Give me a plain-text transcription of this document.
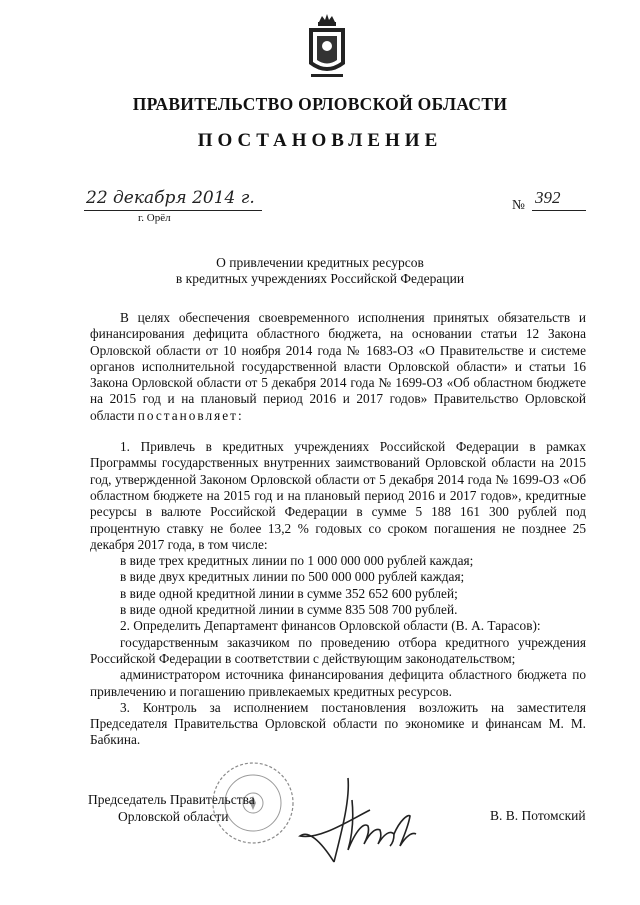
ПРАВИТЕЛЬСТВО ОРЛОВСКОЙ ОБЛАСТИ
ПОСТАНОВЛЕНИЕ
22 декабря 2014 г.	№ 392
г. Орёл
О привлечении кредитных ресурсов
в кредитных учреждениях Российской Федерации

В целях обеспечения своевременного исполнения принятых обязательств и финансирования дефицита областного бюджета, на основании статьи 12 Закона Орловской области от 10 ноября 2014 года № 1683-ОЗ «О Правительстве и системе органов исполнительной государственной власти Орловской области» и статьи 16 Закона Орловской области от 5 декабря 2014 года № 1699-ОЗ «Об областном бюджете на 2015 год и на плановый период 2016 и 2017 годов» Правительство Орловской области постановляет:

1. Привлечь в кредитных учреждениях Российской Федерации в рамках Программы государственных внутренних заимствований Орловской области на 2015 год, утвержденной Законом Орловской области от 5 декабря 2014 года № 1699-ОЗ «Об областном бюджете на 2015 год и на плановый период 2016 и 2017 годов», кредитные ресурсы в валюте Российской Федерации в сумме 5 188 161 300 рублей под процентную ставку не более 13,2 % годовых со сроком погашения не позднее 25 декабря 2017 года, в том числе:

в виде трех кредитных линии по 1 000 000 000 рублей каждая;

в виде двух кредитных линии по 500 000 000 рублей каждая;

в виде одной кредитной линии в сумме 352 652 600 рублей;

в виде одной кредитной линии в сумме 835 508 700 рублей.

2. Определить Департамент финансов Орловской области (В. А. Тарасов):

государственным заказчиком по проведению отбора кредитного учреждения Российской Федерации в соответствии с действующим законодательством;

администратором источника финансирования дефицита областного бюджета по привлечению и погашению привлекаемых кредитных ресурсов.

3. Контроль за исполнением постановления возложить на заместителя Председателя Правительства Орловской области по экономике и финансам М. М. Бабкина.

Председатель Правительства
Орловской области	В. В. Потомский
